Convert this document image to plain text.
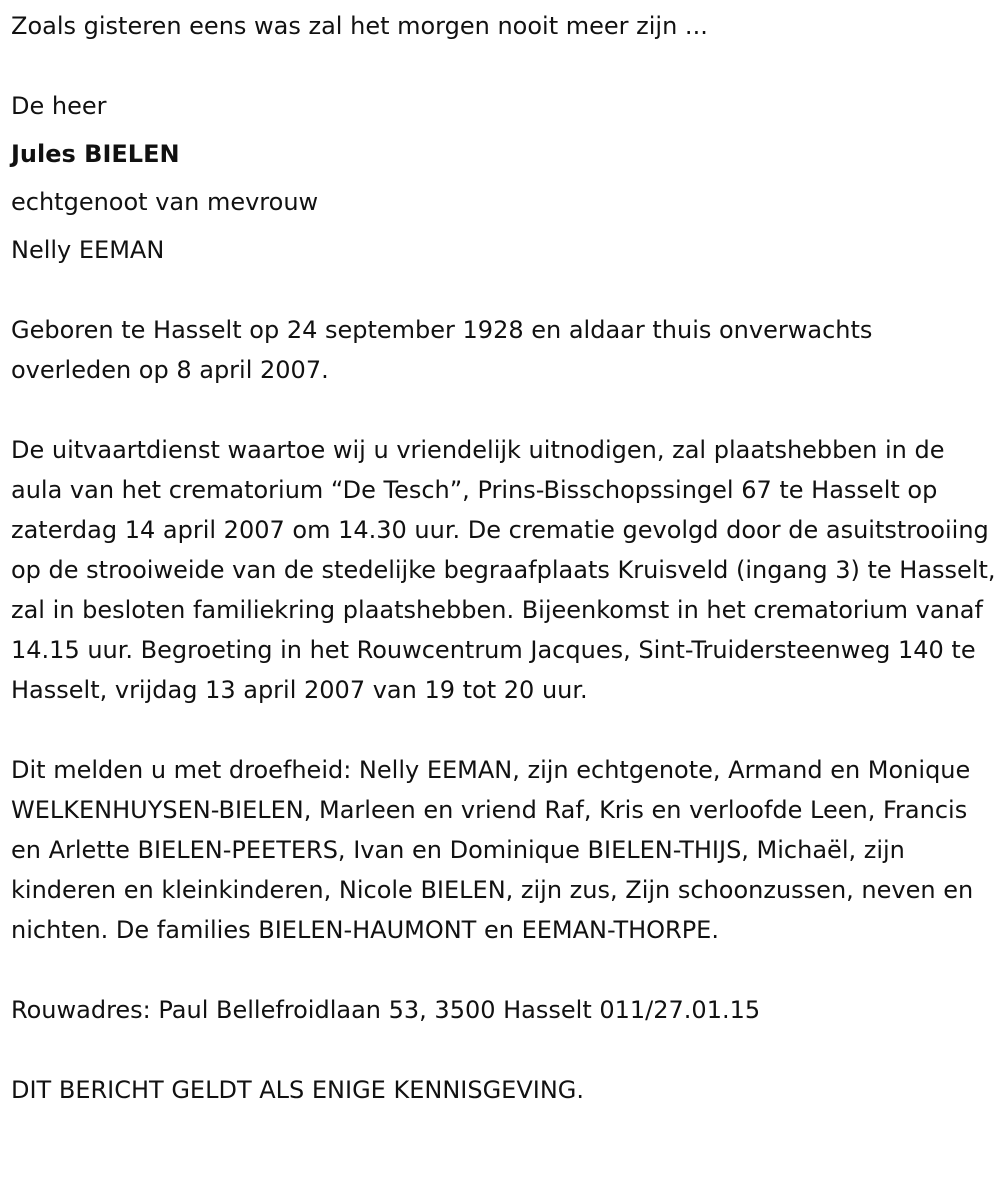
Zoals gisteren eens was zal het morgen nooit meer zijn ...

De heer

Jules BIELEN

echtgenoot van mevrouw

Nelly EEMAN

Geboren te Hasselt op 24 september 1928 en aldaar thuis onverwachts overleden op 8 april 2007.

De uitvaartdienst waartoe wij u vriendelijk uitnodigen, zal plaatshebben in de aula van het crematorium “De Tesch”, Prins-Bisschopssingel 67 te Hasselt op zaterdag 14 april 2007 om 14.30 uur. De crematie gevolgd door de asuitstrooiing op de strooiweide van de stedelijke begraafplaats Kruisveld (ingang 3) te Hasselt, zal in besloten familiekring plaatshebben. Bijeenkomst in het crematorium vanaf 14.15 uur. Begroeting in het Rouwcentrum Jacques, Sint-Truidersteenweg 140 te Hasselt, vrijdag 13 april 2007 van 19 tot 20 uur.

Dit melden u met droefheid: Nelly EEMAN, zijn echtgenote, Armand en Monique WELKENHUYSEN-BIELEN, Marleen en vriend Raf, Kris en verloofde Leen, Francis en Arlette BIELEN-PEETERS, Ivan en Dominique BIELEN-THIJS, Michaël, zijn kinderen en kleinkinderen, Nicole BIELEN, zijn zus, Zijn schoonzussen, neven en nichten. De families BIELEN-HAUMONT en EEMAN-THORPE.

Rouwadres: Paul Bellefroidlaan 53, 3500 Hasselt 011/27.01.15

DIT BERICHT GELDT ALS ENIGE KENNISGEVING.
